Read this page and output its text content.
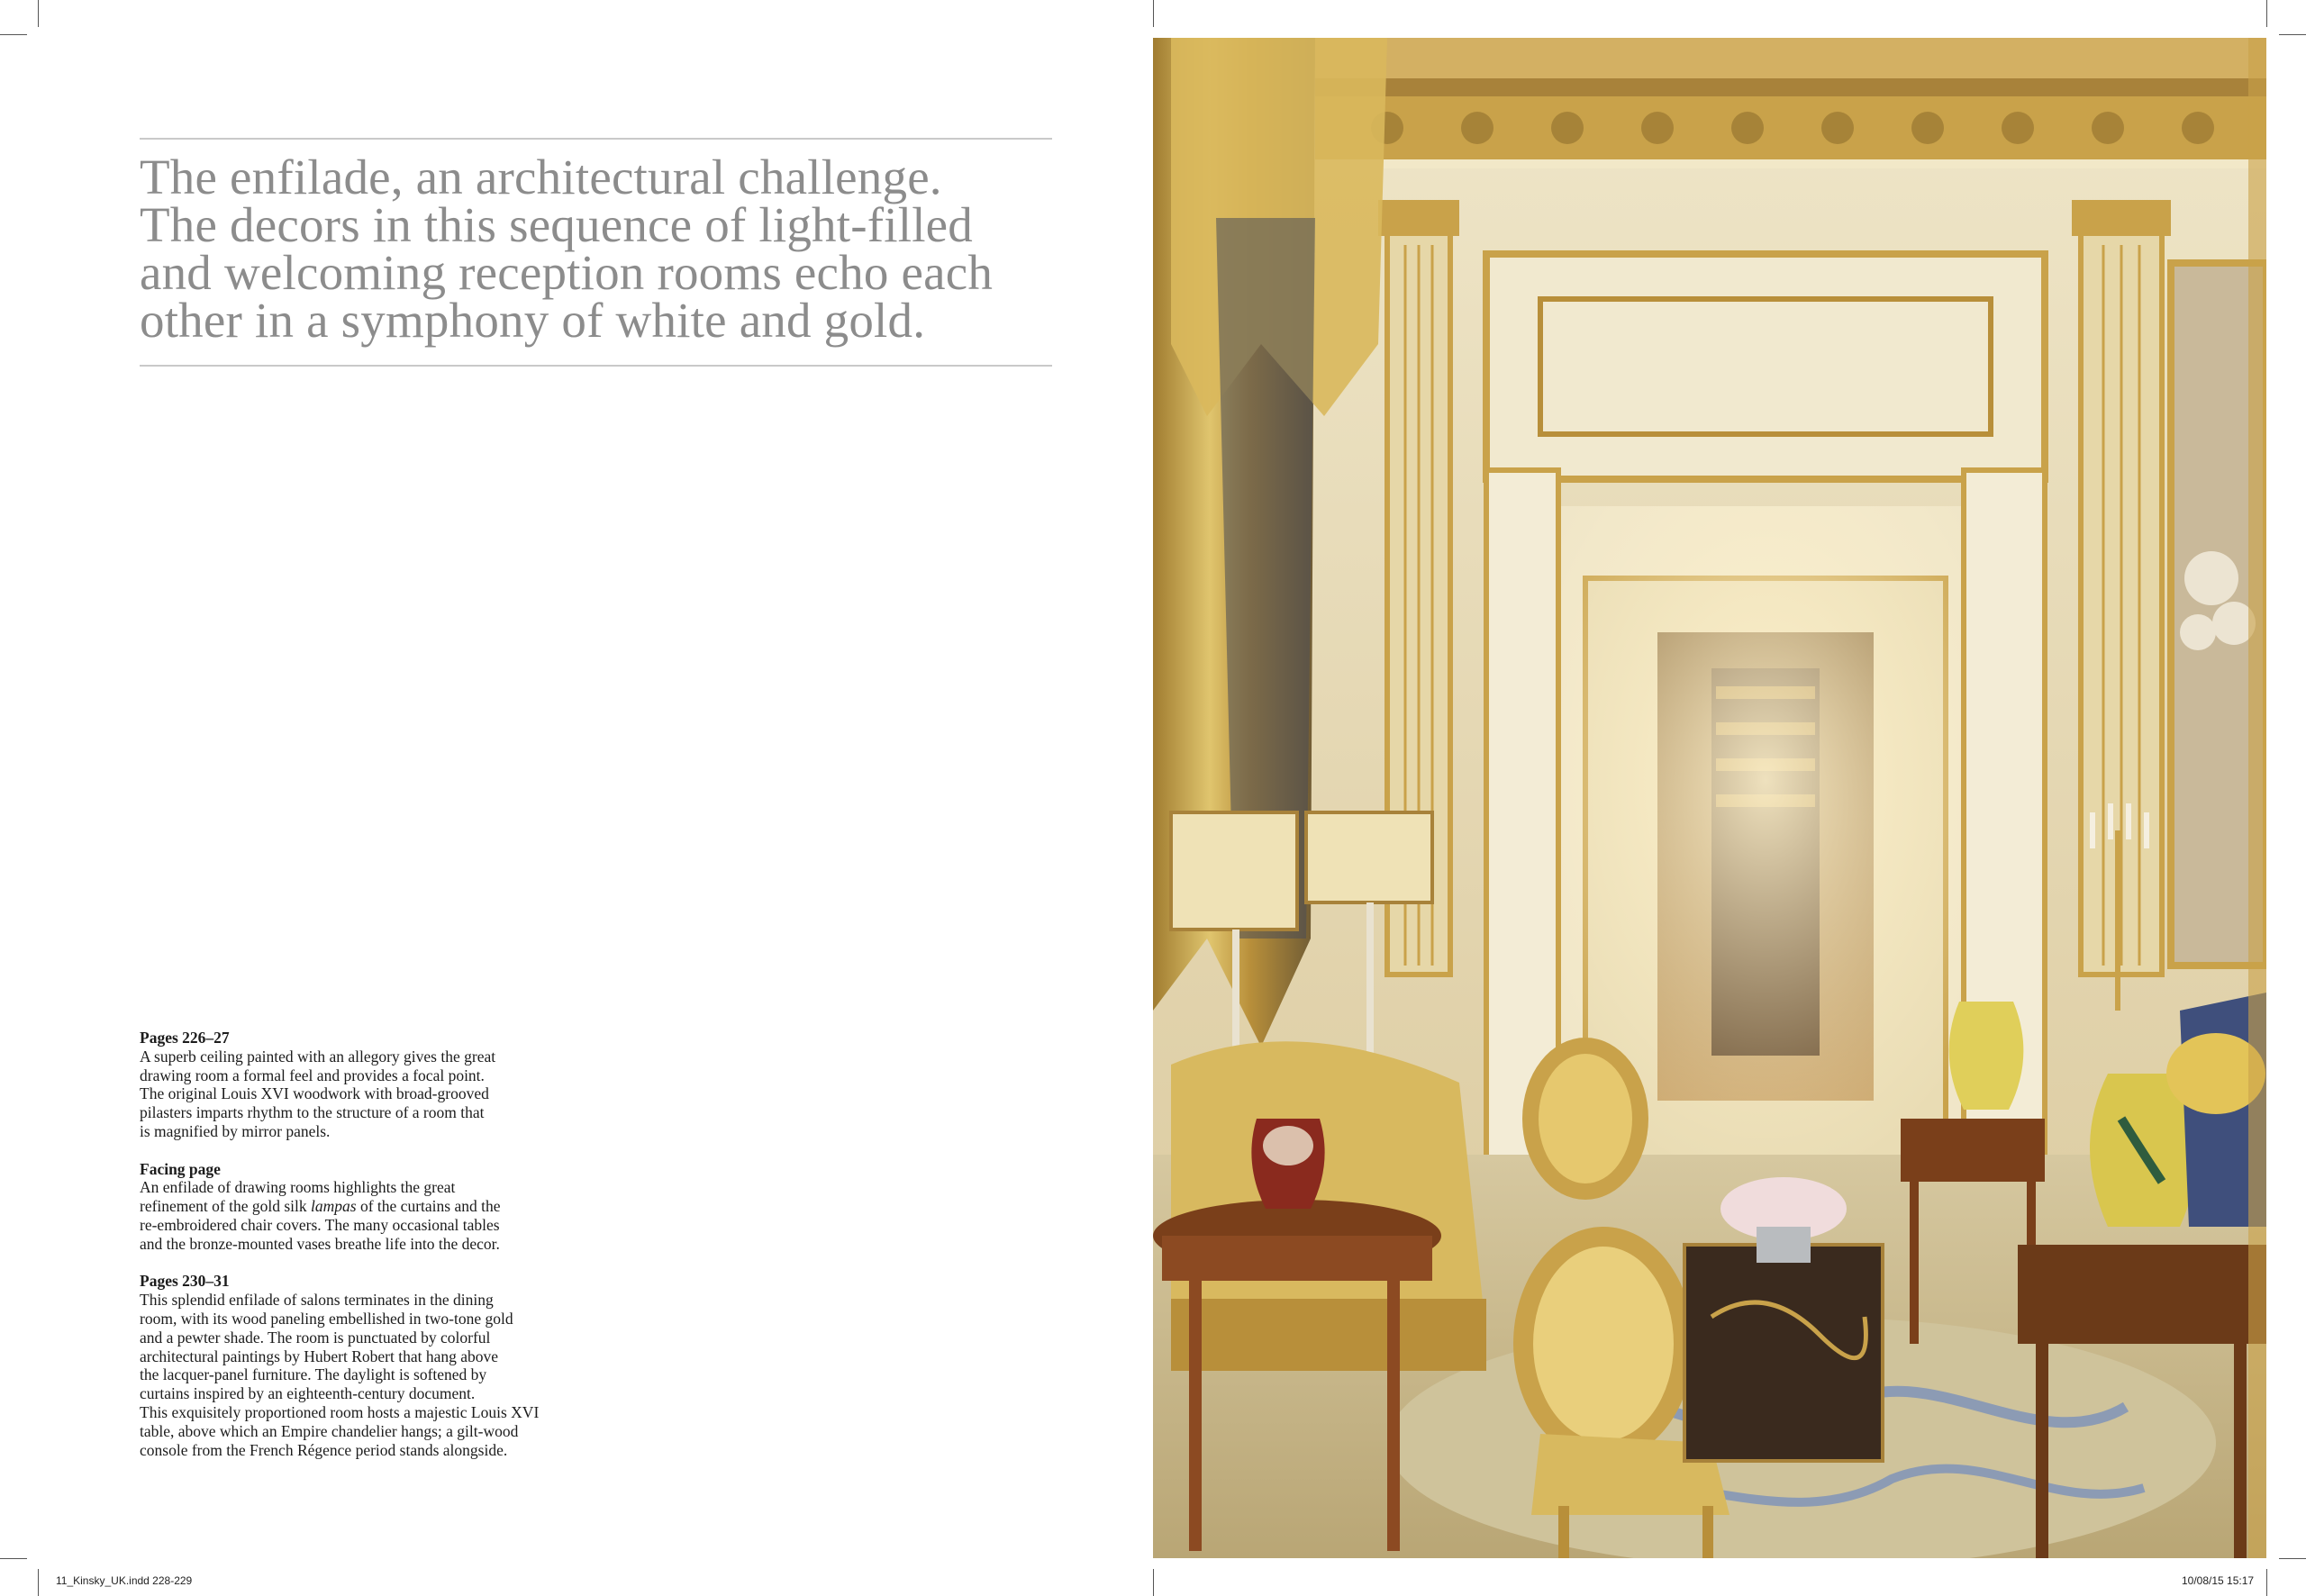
The enfilade, an architectural challenge.
The decors in this sequence of light-filled
and welcoming reception rooms echo each
other in a symphony of white and gold.
Pages 226–27
A superb ceiling painted with an allegory gives the great
drawing room a formal feel and provides a focal point.
The original Louis XVI woodwork with broad-grooved
pilasters imparts rhythm to the structure of a room that
is magnified by mirror panels.
Facing page
An enfilade of drawing rooms highlights the great
refinement of the gold silk lampas of the curtains and the
re-embroidered chair covers. The many occasional tables
and the bronze-mounted vases breathe life into the decor.
Pages 230–31
This splendid enfilade of salons terminates in the dining
room, with its wood paneling embellished in two-tone gold
and a pewter shade. The room is punctuated by colorful
architectural paintings by Hubert Robert that hang above
the lacquer-panel furniture. The daylight is softened by
curtains inspired by an eighteenth-century document.
This exquisitely proportioned room hosts a majestic Louis XVI
table, above which an Empire chandelier hangs; a gilt-wood
console from the French Régence period stands alongside.
11_Kinsky_UK.indd 228-229	10/08/15 15:17
